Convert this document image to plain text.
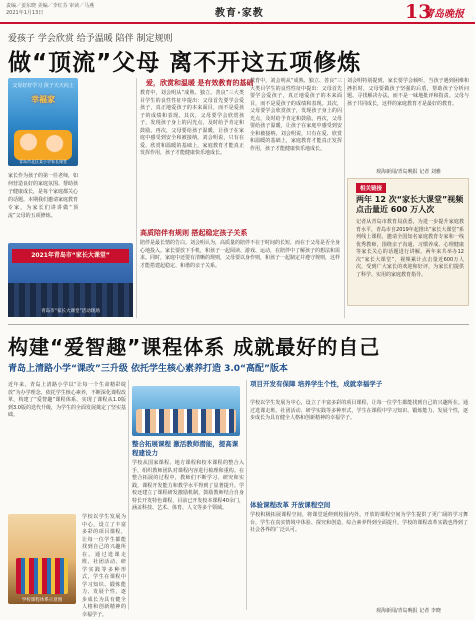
责编／姜东晓 美编／李红芬 审读／马燕
2021年1月13日	教育·家教	13
青岛晚报
爱孩子 学会欣赏 给予温暖 陪伴 制定规则
做“顶流”父母 离不开这五项修炼
父母好好学习 孩子天天向上
幸福家
青岛市北区某小学家长课堂
家长作为孩子的第一任老师，如何营造良好的家庭氛围、帮助孩子健康成长，是每个家庭都关心的话题。本期我们邀请家庭教育专家，为家长们讲讲做“顶流”父母的五项修炼。
2021年青岛市“家长大课堂”
青岛市“家长大课堂”活动现场
爱，欣赏和温暖 是有效教育的基础
教育中，刘会明从“成熟、独立、善良”三大类目学生的良性性征中提出：父母首先要学会爱孩子，真正地爱孩子的本来面目，而不是爱孩子的成绩和表现。其次，父母要学会欣赏孩子，发现孩子身上的闪光点，及时给予肯定和鼓励。再次，父母要给孩子温暖，让孩子在家庭中感受到安全和被接纳。刘会明说，只有在爱、欣赏和温暖的基础上，家庭教育才能真正发挥作用，孩子才能健康快乐地成长。
高质陪伴有规则 搭起稳定孩子关系
陪伴是最长情的告白。刘会明认为，高质量的陪伴不在于时间的长短，而在于父母是否全身心地投入。家长要放下手机，和孩子一起阅读、游戏、运动，在陪伴中了解孩子的想法和需求。同时，家庭中还要有清晰的规则，父母要以身作则，和孩子一起制定并遵守规则，这样才能搭建起稳定、和谐的亲子关系。
教育中，刘会明从“成熟、独立、善良”三大类目学生的良性性征中提出：父母首先要学会爱孩子，真正地爱孩子的本来面目，而不是爱孩子的成绩和表现。其次，父母要学会欣赏孩子，发现孩子身上的闪光点，及时给予肯定和鼓励。再次，父母要给孩子温暖，让孩子在家庭中感受到安全和被接纳。刘会明说，只有在爱、欣赏和温暖的基础上，家庭教育才能真正发挥作用，孩子才能健康快乐地成长。
刘会明特别提到，家长要学会倾听，当孩子遇到困难和挫折时，父母要做孩子坚强的后盾，帮助孩子分析问题、寻找解决办法，而不是一味地批评和指责。父母与孩子共同成长，这样的家庭教育才是最好的教育。
观海新闻/青岛晚报 记者 刘雅
相关链接
两年 12 次“家长大课堂”视频点击量近 600 万人次
记者从青岛市教育局获悉，为进一步提升家庭教育水平，青岛市自2019年起推出“家长大课堂”系列线上课程，邀请全国知名家庭教育专家和一线优秀教师，围绕亲子沟通、习惯养成、心理健康等家长关心的话题进行讲解。两年来共举办12次“家长大课堂”，视频累计点击量近600万人次，受到广大家长的欢迎和好评，为家长们提供了科学、实用的家庭教育指导。
构建“爱智趣”课程体系 成就最好的自己
青岛上清路小学“课改”三升级 依托学生核心素养打造 3.0“高配”版本
近年来，青岛上清路小学以“让每一个生命精彩绽放”为办学理念，依托学生核心素养，不断深化课程改革，构建了“爱智趣”课程体系，实现了课程从1.0版到3.0版的迭代升级，为学生的全面发展奠定了坚实基础。
学校课程体系示意图
学校以学生发展为中心，设立了丰富多彩的项目课程，让每一位学生都能找到自己的兴趣所在。通过选课走班、社团活动、研学实践等多种形式，学生在课程中学习知识、锻炼能力、发展个性，逐步成长为具有健全人格和创新精神的幸福学子。
整合拓展课程 激活教师潜能，提高课程建设力
学校从国家课程、地方课程和校本课程的整合入手，组织教师团队对课程内容进行梳理和重构。在整合拓展的过程中，教师们不断学习、研究和实践，课程开发能力和教学水平得到了显著提升。学校还建立了课程研发激励机制，鼓励教师结合自身特长开发特色课程，目前已开发校本课程40余门，涵盖科技、艺术、体育、人文等多个领域。
项目开发有保障 培养学生个性，成就幸福学子
学校以学生发展为中心，设立了丰富多彩的项目课程，让每一位学生都能找到自己的兴趣所在。通过选课走班、社团活动、研学实践等多种形式，学生在课程中学习知识、锻炼能力、发展个性，逐步成长为具有健全人格和创新精神的幸福学子。
体验课程改革 开放课程空间
学校积极拓展课程空间，将课堂延伸到校园内外。开放的课程空间为学生提供了更广阔的学习舞台，学生在真实情境中体验、探究和创造，综合素养得到全面提升。学校的课程改革实践也得到了社会各界的广泛认可。
观海新闻/青岛晚报 记者 李晓
